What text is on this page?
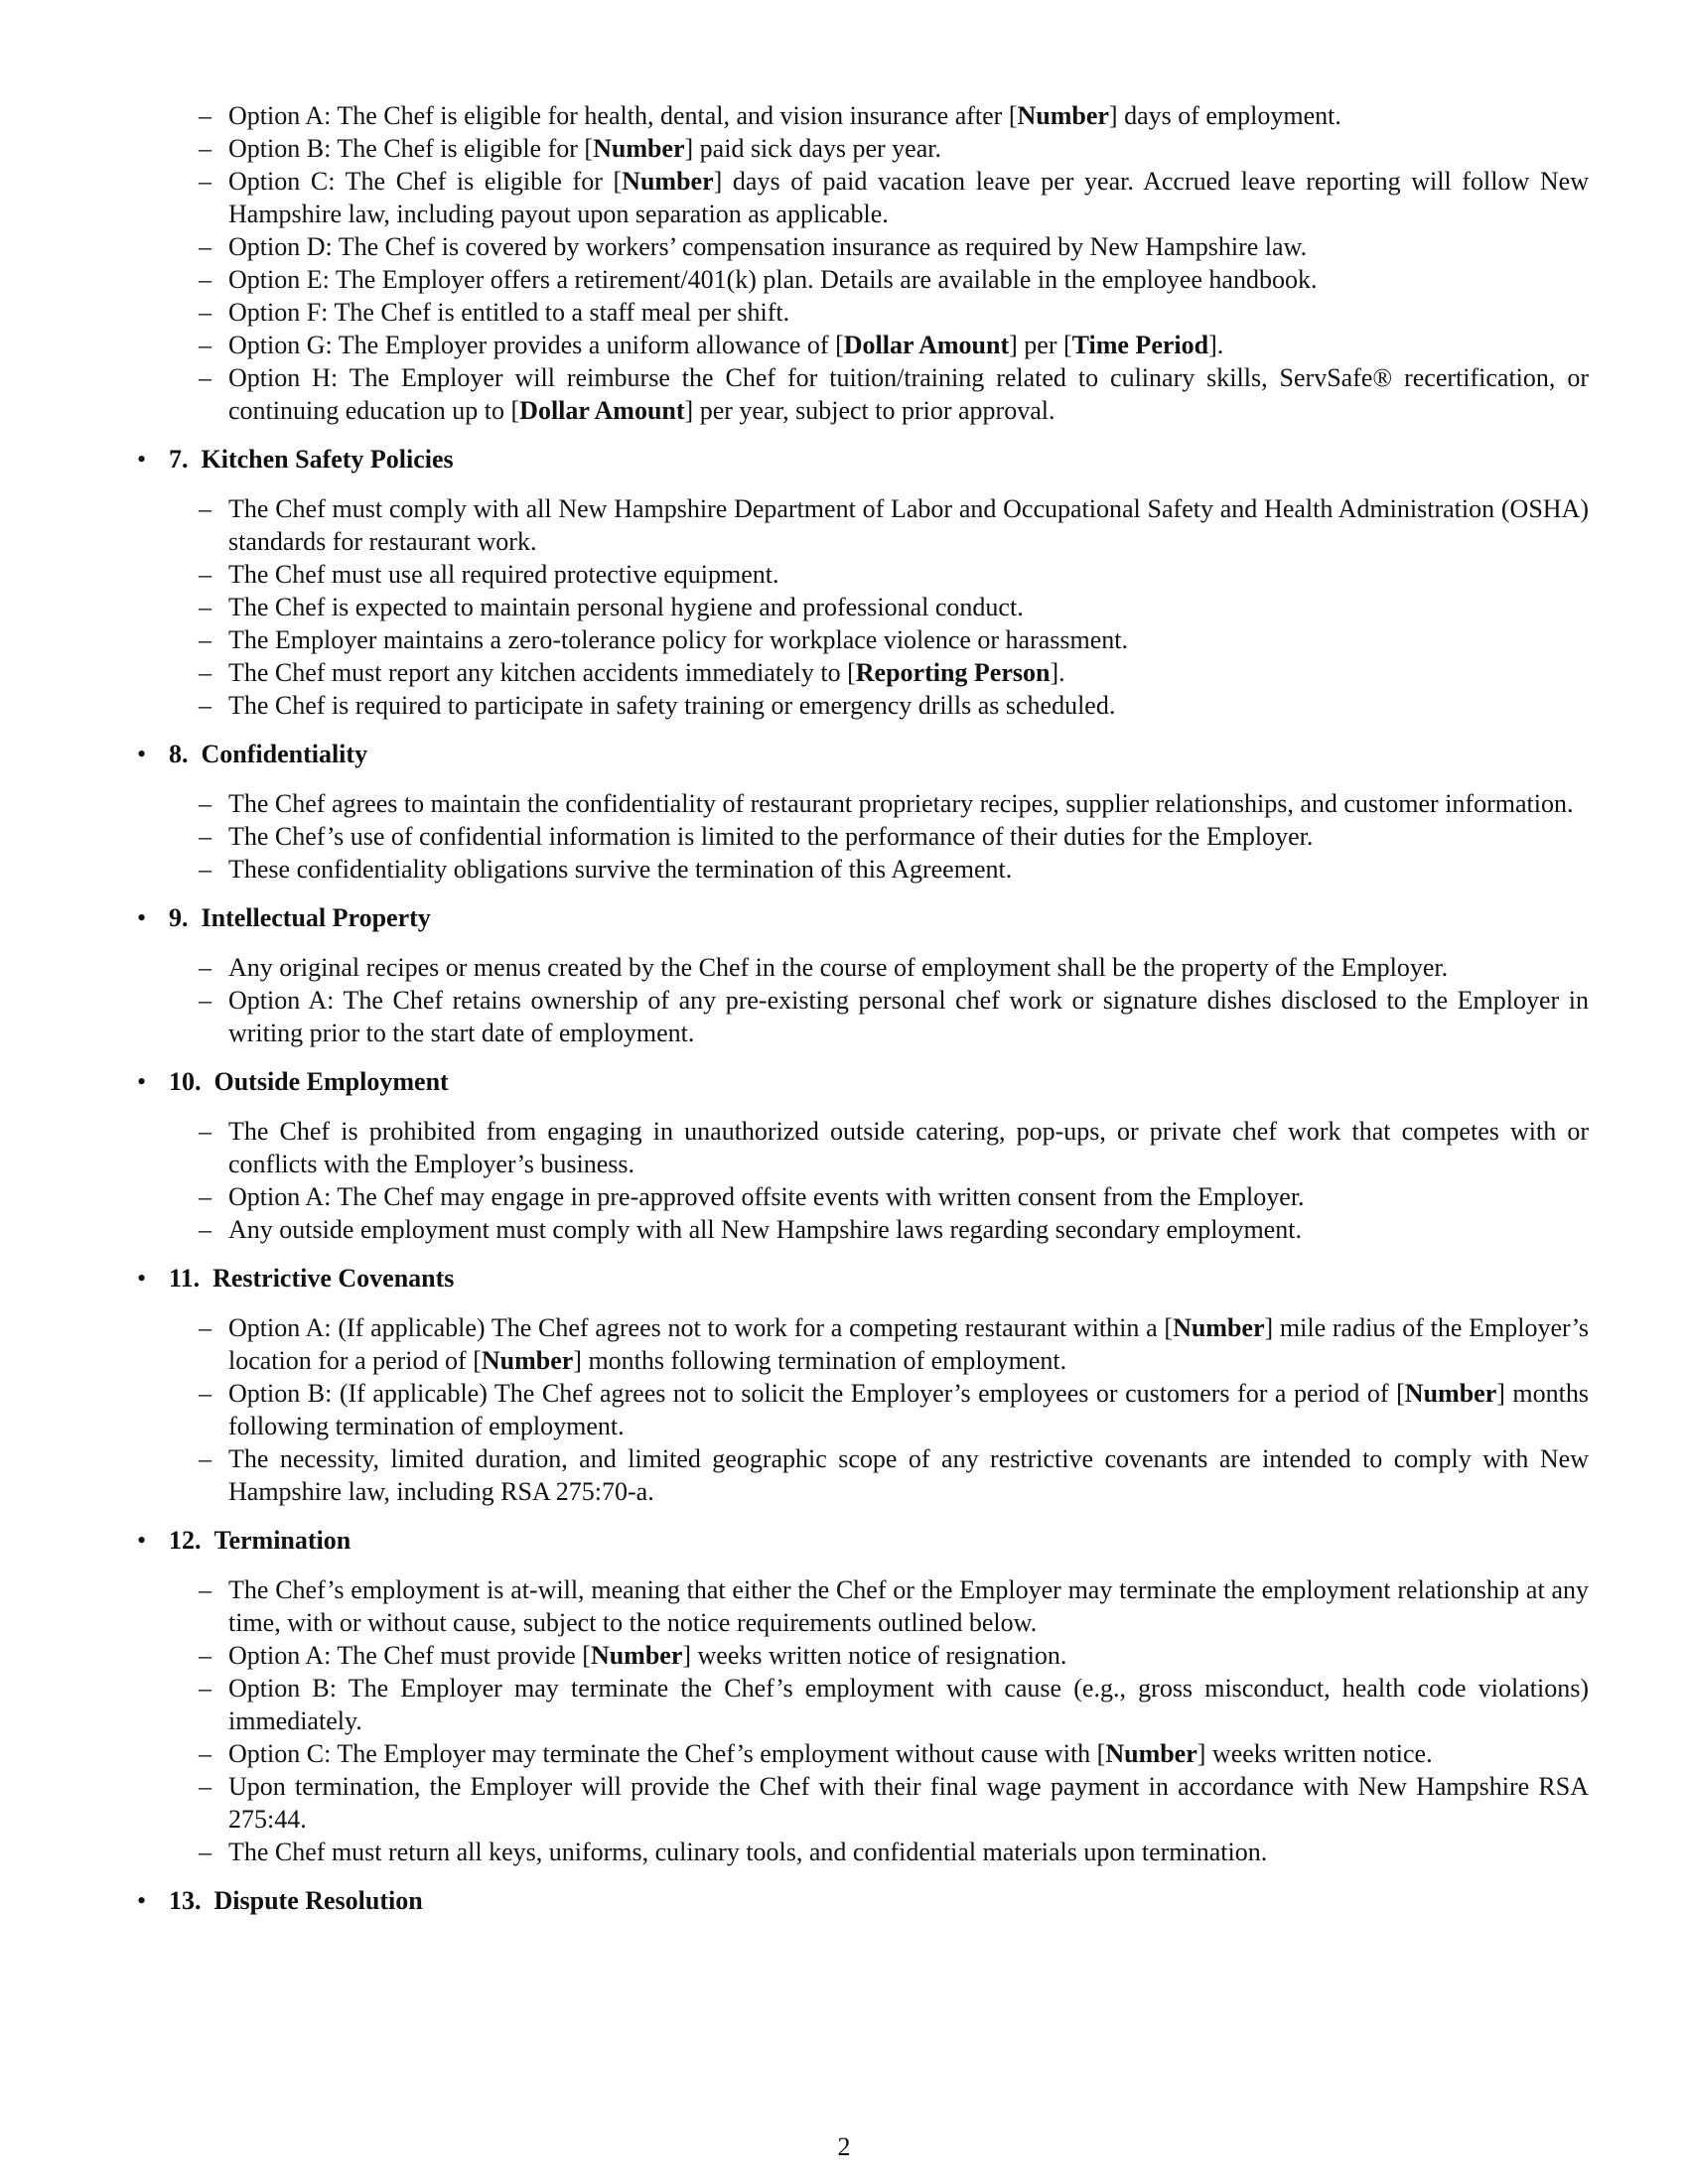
– Option A: The Chef is eligible for health, dental, and vision insurance after [Number] days of employment.

– Option B: The Chef is eligible for [Number] paid sick days per year.

– Option C: The Chef is eligible for [Number] days of paid vacation leave per year. Accrued leave reporting will follow New Hampshire law, including payout upon separation as applicable.

– Option D: The Chef is covered by workers’ compensation insurance as required by New Hampshire law.

– Option E: The Employer offers a retirement/401(k) plan. Details are available in the employee handbook.

– Option F: The Chef is entitled to a staff meal per shift.

– Option G: The Employer provides a uniform allowance of [Dollar Amount] per [Time Period].

– Option H: The Employer will reimburse the Chef for tuition/training related to culinary skills, ServSafe® recertification, or continuing education up to [Dollar Amount] per year, subject to prior approval.

• 7. Kitchen Safety Policies

– The Chef must comply with all New Hampshire Department of Labor and Occupational Safety and Health Administration (OSHA) standards for restaurant work.

– The Chef must use all required protective equipment.

– The Chef is expected to maintain personal hygiene and professional conduct.

– The Employer maintains a zero-tolerance policy for workplace violence or harassment.

– The Chef must report any kitchen accidents immediately to [Reporting Person].

– The Chef is required to participate in safety training or emergency drills as scheduled.

• 8. Confidentiality

– The Chef agrees to maintain the confidentiality of restaurant proprietary recipes, supplier relationships, and customer information.

– The Chef’s use of confidential information is limited to the performance of their duties for the Employer.

– These confidentiality obligations survive the termination of this Agreement.

• 9. Intellectual Property

– Any original recipes or menus created by the Chef in the course of employment shall be the property of the Employer.

– Option A: The Chef retains ownership of any pre-existing personal chef work or signature dishes disclosed to the Employer in writing prior to the start date of employment.

• 10. Outside Employment

– The Chef is prohibited from engaging in unauthorized outside catering, pop-ups, or private chef work that competes with or conflicts with the Employer’s business.

– Option A: The Chef may engage in pre-approved offsite events with written consent from the Employer.

– Any outside employment must comply with all New Hampshire laws regarding secondary employment.

• 11. Restrictive Covenants

– Option A: (If applicable) The Chef agrees not to work for a competing restaurant within a [Number] mile radius of the Employer’s location for a period of [Number] months following termination of employment.

– Option B: (If applicable) The Chef agrees not to solicit the Employer’s employees or customers for a period of [Number] months following termination of employment.

– The necessity, limited duration, and limited geographic scope of any restrictive covenants are intended to comply with New Hampshire law, including RSA 275:70-a.

• 12. Termination

– The Chef’s employment is at-will, meaning that either the Chef or the Employer may terminate the employment relationship at any time, with or without cause, subject to the notice requirements outlined below.

– Option A: The Chef must provide [Number] weeks written notice of resignation.

– Option B: The Employer may terminate the Chef’s employment with cause (e.g., gross misconduct, health code violations) immediately.

– Option C: The Employer may terminate the Chef’s employment without cause with [Number] weeks written notice.

– Upon termination, the Employer will provide the Chef with their final wage payment in accordance with New Hampshire RSA 275:44.

– The Chef must return all keys, uniforms, culinary tools, and confidential materials upon termination.

• 13. Dispute Resolution
2
